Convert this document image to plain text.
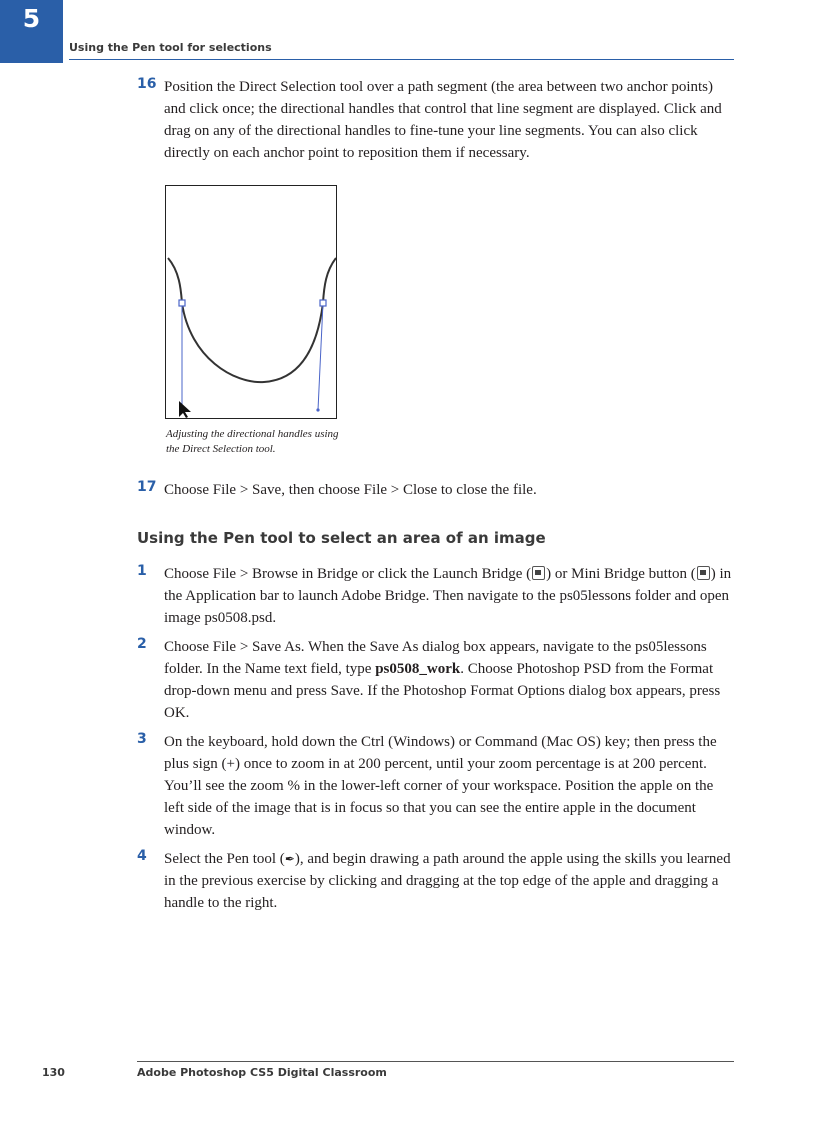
5
Using the Pen tool for selections
16 Position the Direct Selection tool over a path segment (the area between two anchor points) and click once; the directional handles that control that line segment are displayed. Click and drag on any of the directional handles to fine-tune your line segments. You can also click directly on each anchor point to reposition them if necessary.
Adjusting the directional handles using
the Direct Selection tool.
17 Choose File > Save, then choose File > Close to close the file.
Using the Pen tool to select an area of an image
1 Choose File > Browse in Bridge or click the Launch Bridge ( ) or Mini Bridge button ( ) in the Application bar to launch Adobe Bridge. Then navigate to the ps05lessons folder and open image ps0508.psd.
2 Choose File > Save As. When the Save As dialog box appears, navigate to the ps05lessons folder. In the Name text field, type ps0508_work. Choose Photoshop PSD from the Format drop-down menu and press Save. If the Photoshop Format Options dialog box appears, press OK.
3 On the keyboard, hold down the Ctrl (Windows) or Command (Mac OS) key; then press the plus sign (+) once to zoom in at 200 percent, until your zoom percentage is at 200 percent. You’ll see the zoom % in the lower-left corner of your workspace. Position the apple on the left side of the image that is in focus so that you can see the entire apple in the document window.
4 Select the Pen tool (✒), and begin drawing a path around the apple using the skills you learned in the previous exercise by clicking and dragging at the top edge of the apple and dragging a handle to the right.
130	Adobe Photoshop CS5 Digital Classroom
